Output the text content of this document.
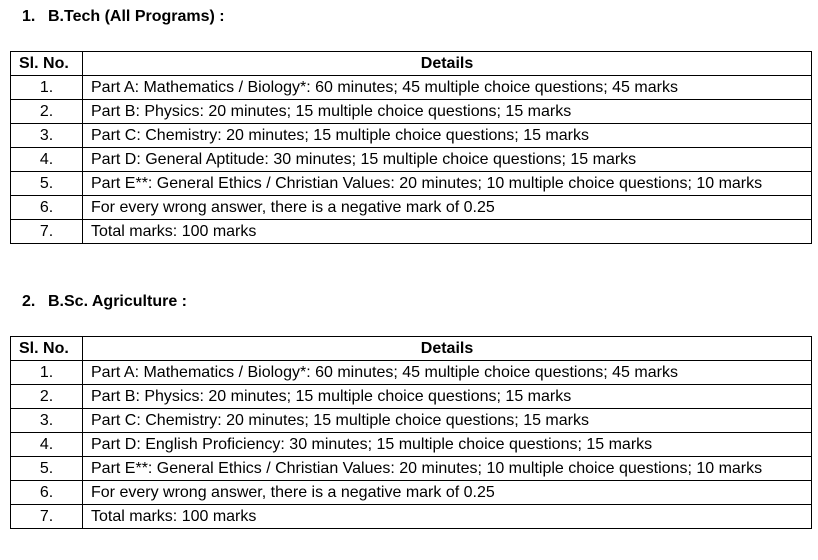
1. B.Tech (All Programs) :
Sl. No.	Details
1.	Part A: Mathematics / Biology*: 60 minutes; 45 multiple choice questions; 45 marks
2.	Part B: Physics: 20 minutes; 15 multiple choice questions; 15 marks
3.	Part C: Chemistry: 20 minutes; 15 multiple choice questions; 15 marks
4.	Part D: General Aptitude: 30 minutes; 15 multiple choice questions; 15 marks
5.	Part E**: General Ethics / Christian Values: 20 minutes; 10 multiple choice questions; 10 marks
6.	For every wrong answer, there is a negative mark of 0.25
7.	Total marks: 100 marks
2. B.Sc. Agriculture :
Sl. No.	Details
1.	Part A: Mathematics / Biology*: 60 minutes; 45 multiple choice questions; 45 marks
2.	Part B: Physics: 20 minutes; 15 multiple choice questions; 15 marks
3.	Part C: Chemistry: 20 minutes; 15 multiple choice questions; 15 marks
4.	Part D: English Proficiency: 30 minutes; 15 multiple choice questions; 15 marks
5.	Part E**: General Ethics / Christian Values: 20 minutes; 10 multiple choice questions; 10 marks
6.	For every wrong answer, there is a negative mark of 0.25
7.	Total marks: 100 marks
